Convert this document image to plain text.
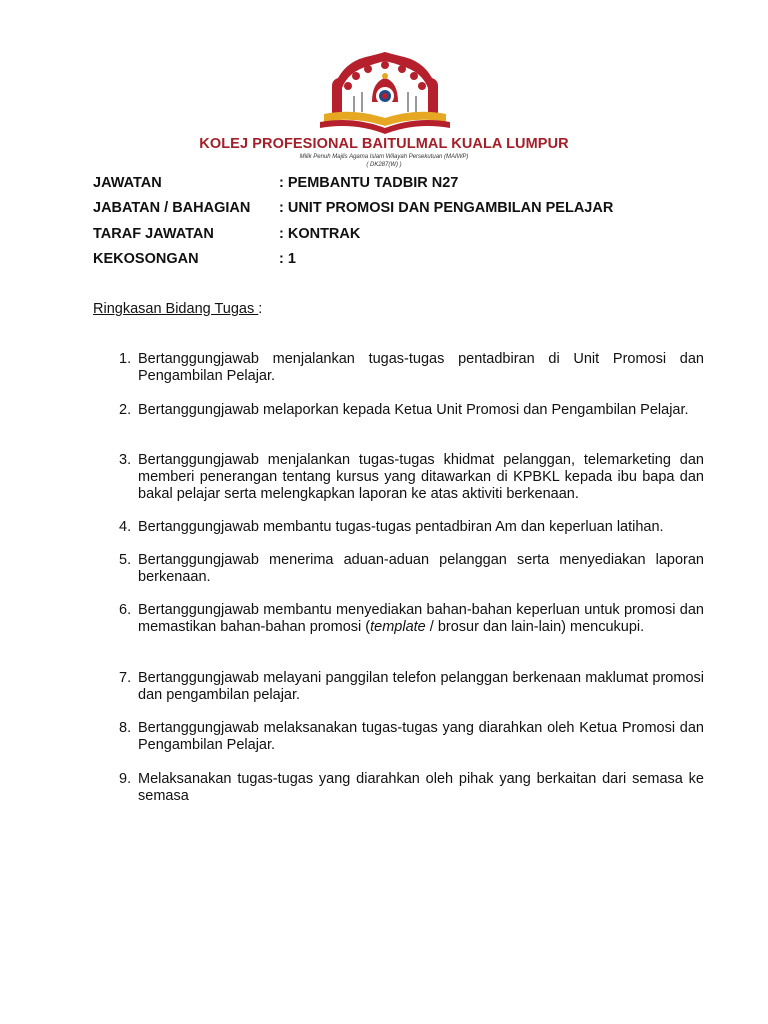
KOLEJ PROFESIONAL BAITULMAL KUALA LUMPUR
Milik Penuh Majlis Agama Islam Wilayah Persekutuan (MAIWP)
( DK287(W) )
JAWATAN	: PEMBANTU TADBIR N27
JABATAN / BAHAGIAN : UNIT PROMOSI DAN PENGAMBILAN PELAJAR
TARAF JAWATAN	: KONTRAK
KEKOSONGAN	: 1
Ringkasan Bidang Tugas :
1. Bertanggungjawab menjalankan tugas-tugas pentadbiran di Unit Promosi dan Pengambilan Pelajar.
2. Bertanggungjawab melaporkan kepada Ketua Unit Promosi dan Pengambilan Pelajar.
3. Bertanggungjawab menjalankan tugas-tugas khidmat pelanggan, telemarketing dan memberi penerangan tentang kursus yang ditawarkan di KPBKL kepada ibu bapa dan bakal pelajar serta melengkapkan laporan ke atas aktiviti berkenaan.
4. Bertanggungjawab membantu tugas-tugas pentadbiran Am dan keperluan latihan.
5. Bertanggungjawab menerima aduan-aduan pelanggan serta menyediakan laporan berkenaan.
6. Bertanggungjawab membantu menyediakan bahan-bahan keperluan untuk promosi dan memastikan bahan-bahan promosi (template / brosur dan lain-lain) mencukupi.
7. Bertanggungjawab melayani panggilan telefon pelanggan berkenaan maklumat promosi dan pengambilan pelajar.
8. Bertanggungjawab melaksanakan tugas-tugas yang diarahkan oleh Ketua Promosi dan Pengambilan Pelajar.
9. Melaksanakan tugas-tugas yang diarahkan oleh pihak yang berkaitan dari semasa ke semasa
